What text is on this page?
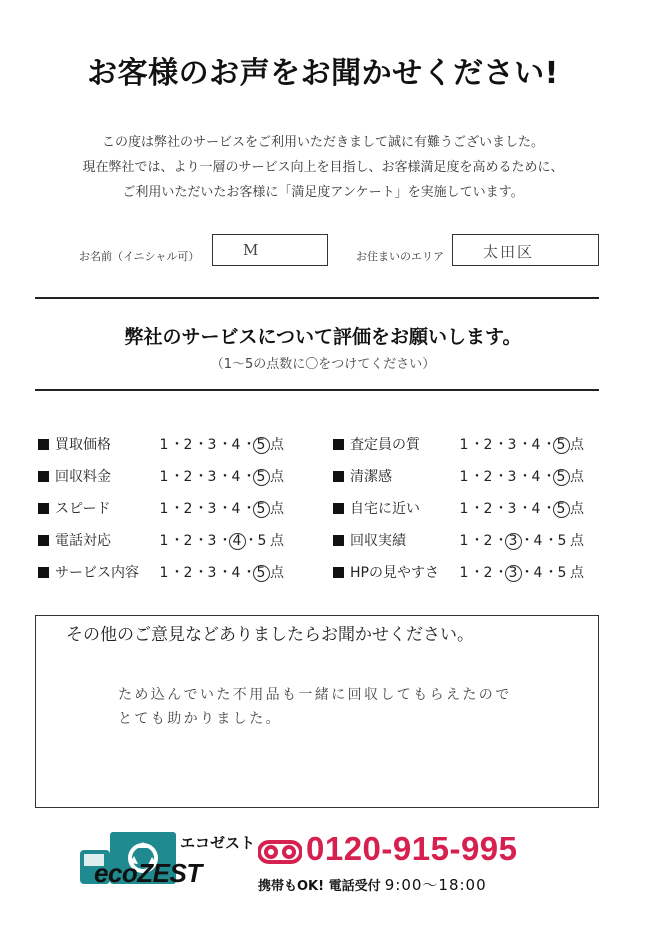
お客様のお声をお聞かせください!
この度は弊社のサービスをご利用いただきまして誠に有難うございました。
現在弊社では、より一層のサービス向上を目指し、お客様満足度を高めるために、
ご利用いただいたお客様に「満足度アンケート」を実施しています。
お名前（イニシャル可）	M	お住まいのエリア	太田区
弊社のサービスについて評価をお願いします。
（1〜5の点数に〇をつけてください）
買取価格	1・2・3・4・5 点
回収料金	1・2・3・4・5 点
スピード	1・2・3・4・5 点
電話対応	1・2・3・4 ・5 点
サービス内容 1・2・3・4・5 点
査定員の質	1・2・3・4・5 点
清潔感	1・2・3・4・5 点
自宅に近い	1・2・3・4・5 点
回収実績	1・2・3 ・4・5 点
HPの見やすさ 1・2・3 ・4・5 点
その他のご意見などありましたらお聞かせください。
ため込んでいた不用品も一緒に回収してもらえたので
とても助かりました。
エコゼスト
ecoZEST
0120-915-995
携帯もOK! 電話受付 9:00〜18:00
